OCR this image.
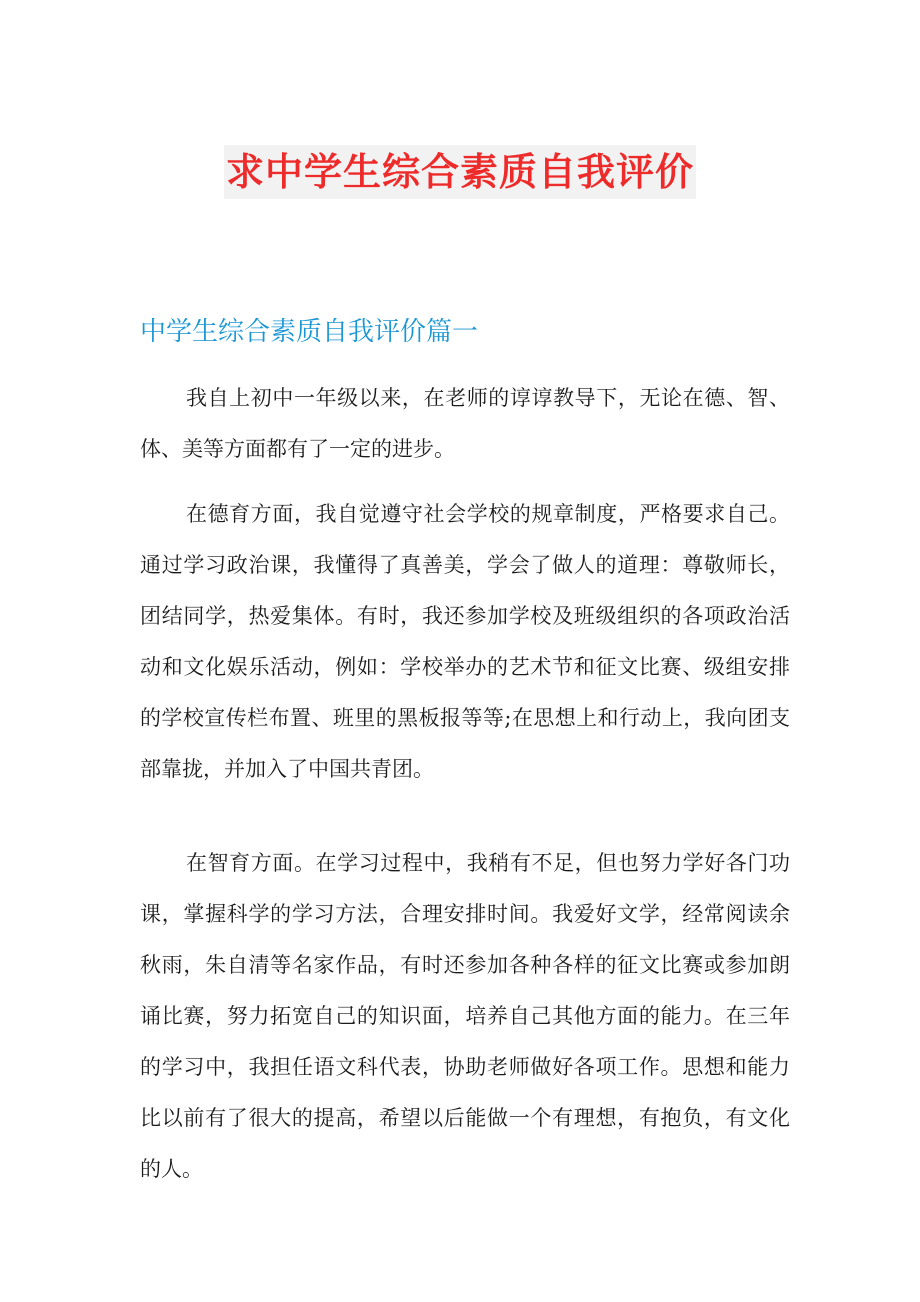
求中学生综合素质自我评价
中学生综合素质自我评价篇一

我自上初中一年级以来，在老师的谆谆教导下，无论在德、智、体、美等方面都有了一定的进步。

在德育方面，我自觉遵守社会学校的规章制度，严格要求自己。通过学习政治课，我懂得了真善美，学会了做人的道理：尊敬师长，团结同学，热爱集体。有时，我还参加学校及班级组织的各项政治活动和文化娱乐活动，例如：学校举办的艺术节和征文比赛、级组安排的学校宣传栏布置、班里的黑板报等等;在思想上和行动上，我向团支部靠拢，并加入了中国共青团。

在智育方面。在学习过程中，我稍有不足，但也努力学好各门功课，掌握科学的学习方法，合理安排时间。我爱好文学，经常阅读余秋雨，朱自清等名家作品，有时还参加各种各样的征文比赛或参加朗诵比赛，努力拓宽自己的知识面，培养自己其他方面的能力。在三年的学习中，我担任语文科代表，协助老师做好各项工作。思想和能力比以前有了很大的提高，希望以后能做一个有理想，有抱负，有文化的人。
